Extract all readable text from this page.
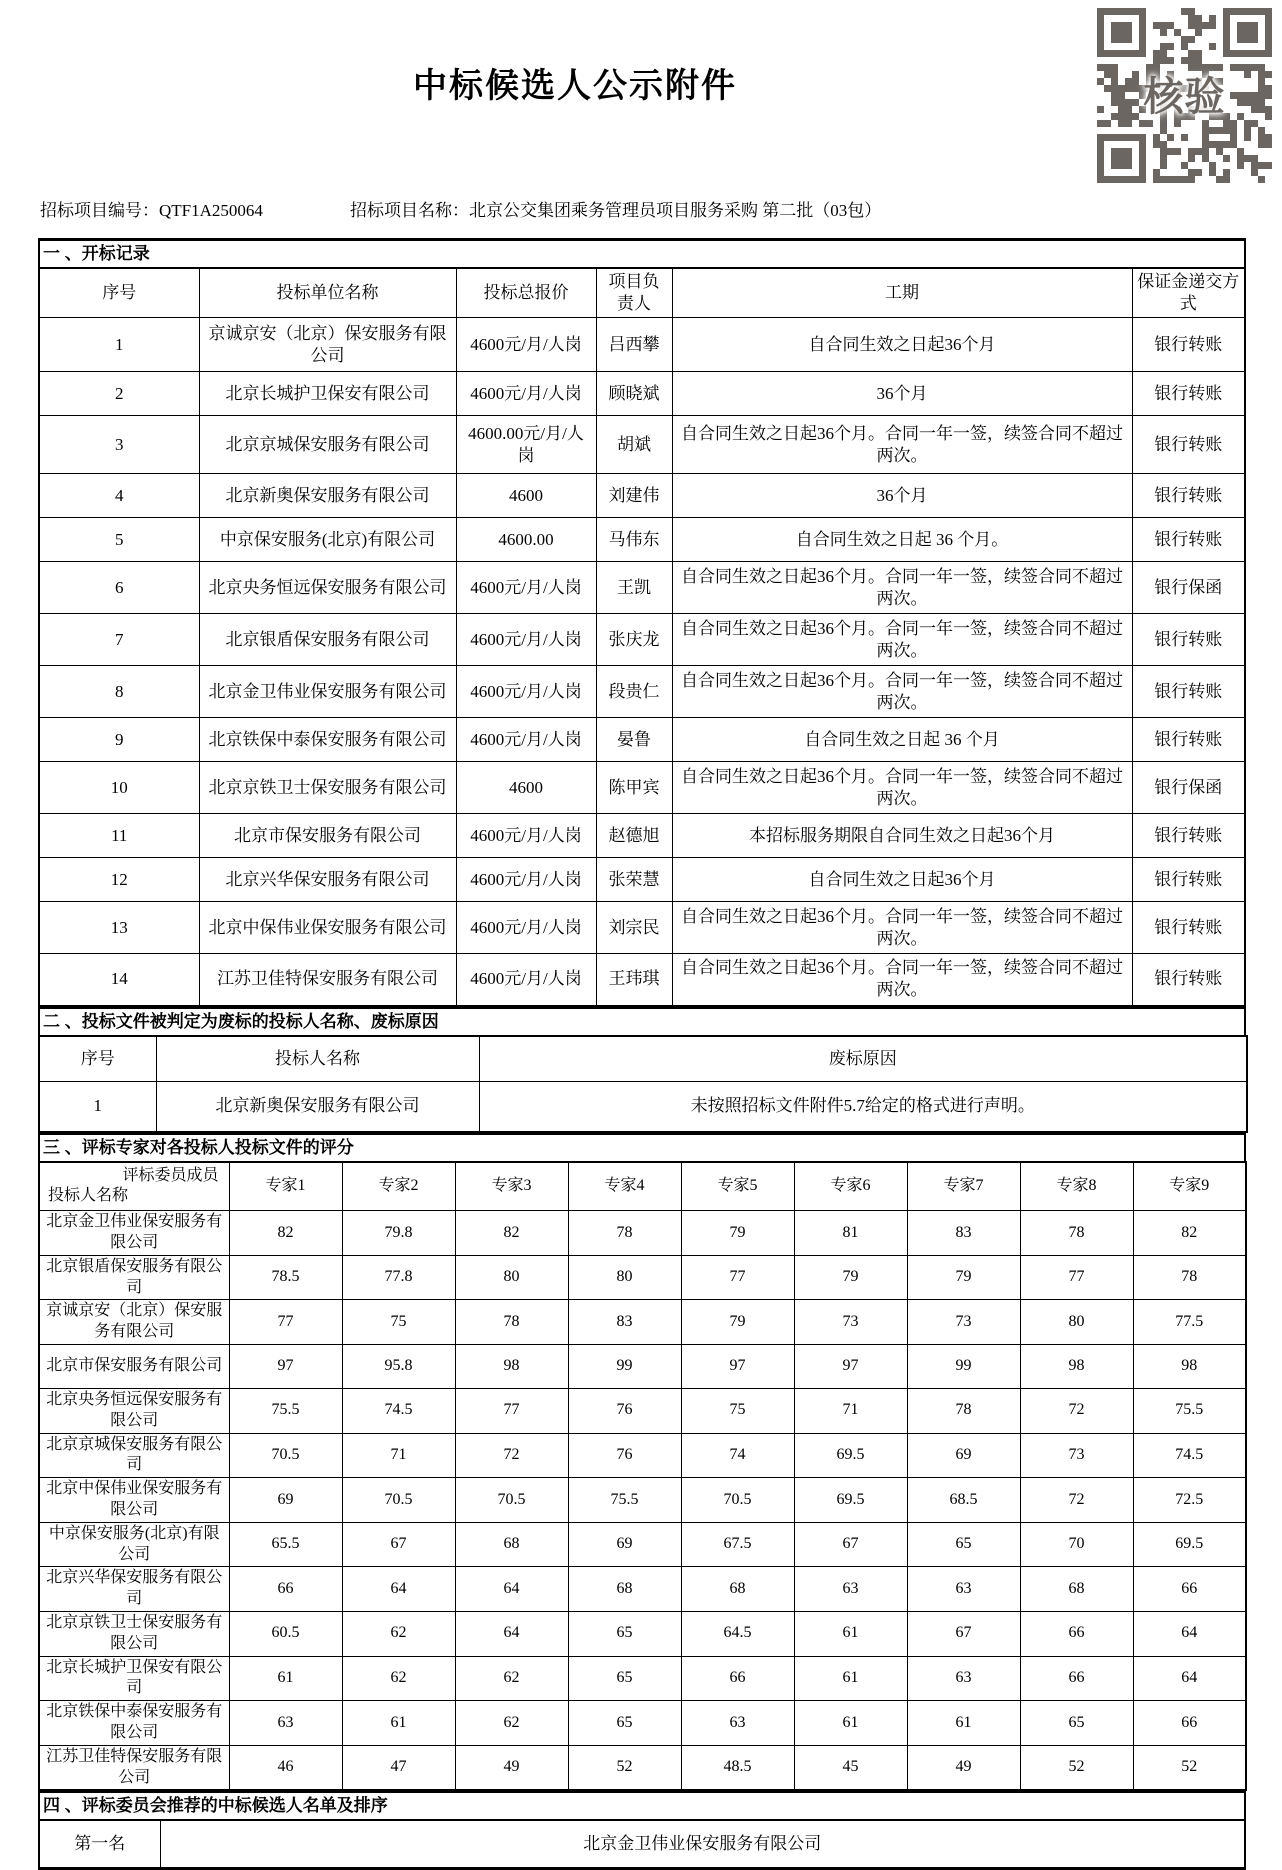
中标候选人公示附件	核验
招标项目编号：QTF1A250064	招标项目名称：北京公交集团乘务管理员项目服务采购 第二批（03包）
一 、开标记录
序号	投标单位名称	投标总报价	项目负责人	工期	保证金递交方式
1	京诚京安（北京）保安服务有限公司	4600元/月/人岗	吕西攀	自合同生效之日起36个月	银行转账
2	北京长城护卫保安有限公司	4600元/月/人岗	顾晓斌	36个月	银行转账
3	北京京城保安服务有限公司	4600.00元/月/人岗	胡斌	自合同生效之日起36个月。合同一年一签，续签合同不超过两次。	银行转账
4	北京新奥保安服务有限公司	4600	刘建伟	36个月	银行转账
5	中京保安服务(北京)有限公司	4600.00	马伟东	自合同生效之日起 36 个月。	银行转账
6	北京央务恒远保安服务有限公司	4600元/月/人岗	王凯	自合同生效之日起36个月。合同一年一签，续签合同不超过两次。	银行保函
7	北京银盾保安服务有限公司	4600元/月/人岗	张庆龙	自合同生效之日起36个月。合同一年一签，续签合同不超过两次。	银行转账
8	北京金卫伟业保安服务有限公司	4600元/月/人岗	段贵仁	自合同生效之日起36个月。合同一年一签，续签合同不超过两次。	银行转账
9	北京铁保中泰保安服务有限公司	4600元/月/人岗	晏鲁	自合同生效之日起 36 个月	银行转账
10	北京京铁卫士保安服务有限公司	4600	陈甲宾	自合同生效之日起36个月。合同一年一签，续签合同不超过两次。	银行保函
11	北京市保安服务有限公司	4600元/月/人岗	赵德旭	本招标服务期限自合同生效之日起36个月	银行转账
12	北京兴华保安服务有限公司	4600元/月/人岗	张荣慧	自合同生效之日起36个月	银行转账
13	北京中保伟业保安服务有限公司	4600元/月/人岗	刘宗民	自合同生效之日起36个月。合同一年一签，续签合同不超过两次。	银行转账
14	江苏卫佳特保安服务有限公司	4600元/月/人岗	王玮琪	自合同生效之日起36个月。合同一年一签，续签合同不超过两次。	银行转账
二 、投标文件被判定为废标的投标人名称、废标原因
序号	投标人名称	废标原因
1	北京新奥保安服务有限公司	未按照招标文件附件5.7给定的格式进行声明。
三 、评标专家对各投标人投标文件的评分
评标委员成员
投标人名称	专家1	专家2	专家3	专家4	专家5	专家6	专家7	专家8	专家9
北京金卫伟业保安服务有限公司	82	79.8	82	78	79	81	83	78	82
北京银盾保安服务有限公司	78.5	77.8	80	80	77	79	79	77	78
京诚京安（北京）保安服务有限公司	77	75	78	83	79	73	73	80	77.5
北京市保安服务有限公司	97	95.8	98	99	97	97	99	98	98
北京央务恒远保安服务有限公司	75.5	74.5	77	76	75	71	78	72	75.5
北京京城保安服务有限公司	70.5	71	72	76	74	69.5	69	73	74.5
北京中保伟业保安服务有限公司	69	70.5	70.5	75.5	70.5	69.5	68.5	72	72.5
中京保安服务(北京)有限公司	65.5	67	68	69	67.5	67	65	70	69.5
北京兴华保安服务有限公司	66	64	64	68	68	63	63	68	66
北京京铁卫士保安服务有限公司	60.5	62	64	65	64.5	61	67	66	64
北京长城护卫保安有限公司	61	62	62	65	66	61	63	66	64
北京铁保中泰保安服务有限公司	63	61	62	65	63	61	61	65	66
江苏卫佳特保安服务有限公司	46	47	49	52	48.5	45	49	52	52
四 、评标委员会推荐的中标候选人名单及排序
第一名	北京金卫伟业保安服务有限公司
